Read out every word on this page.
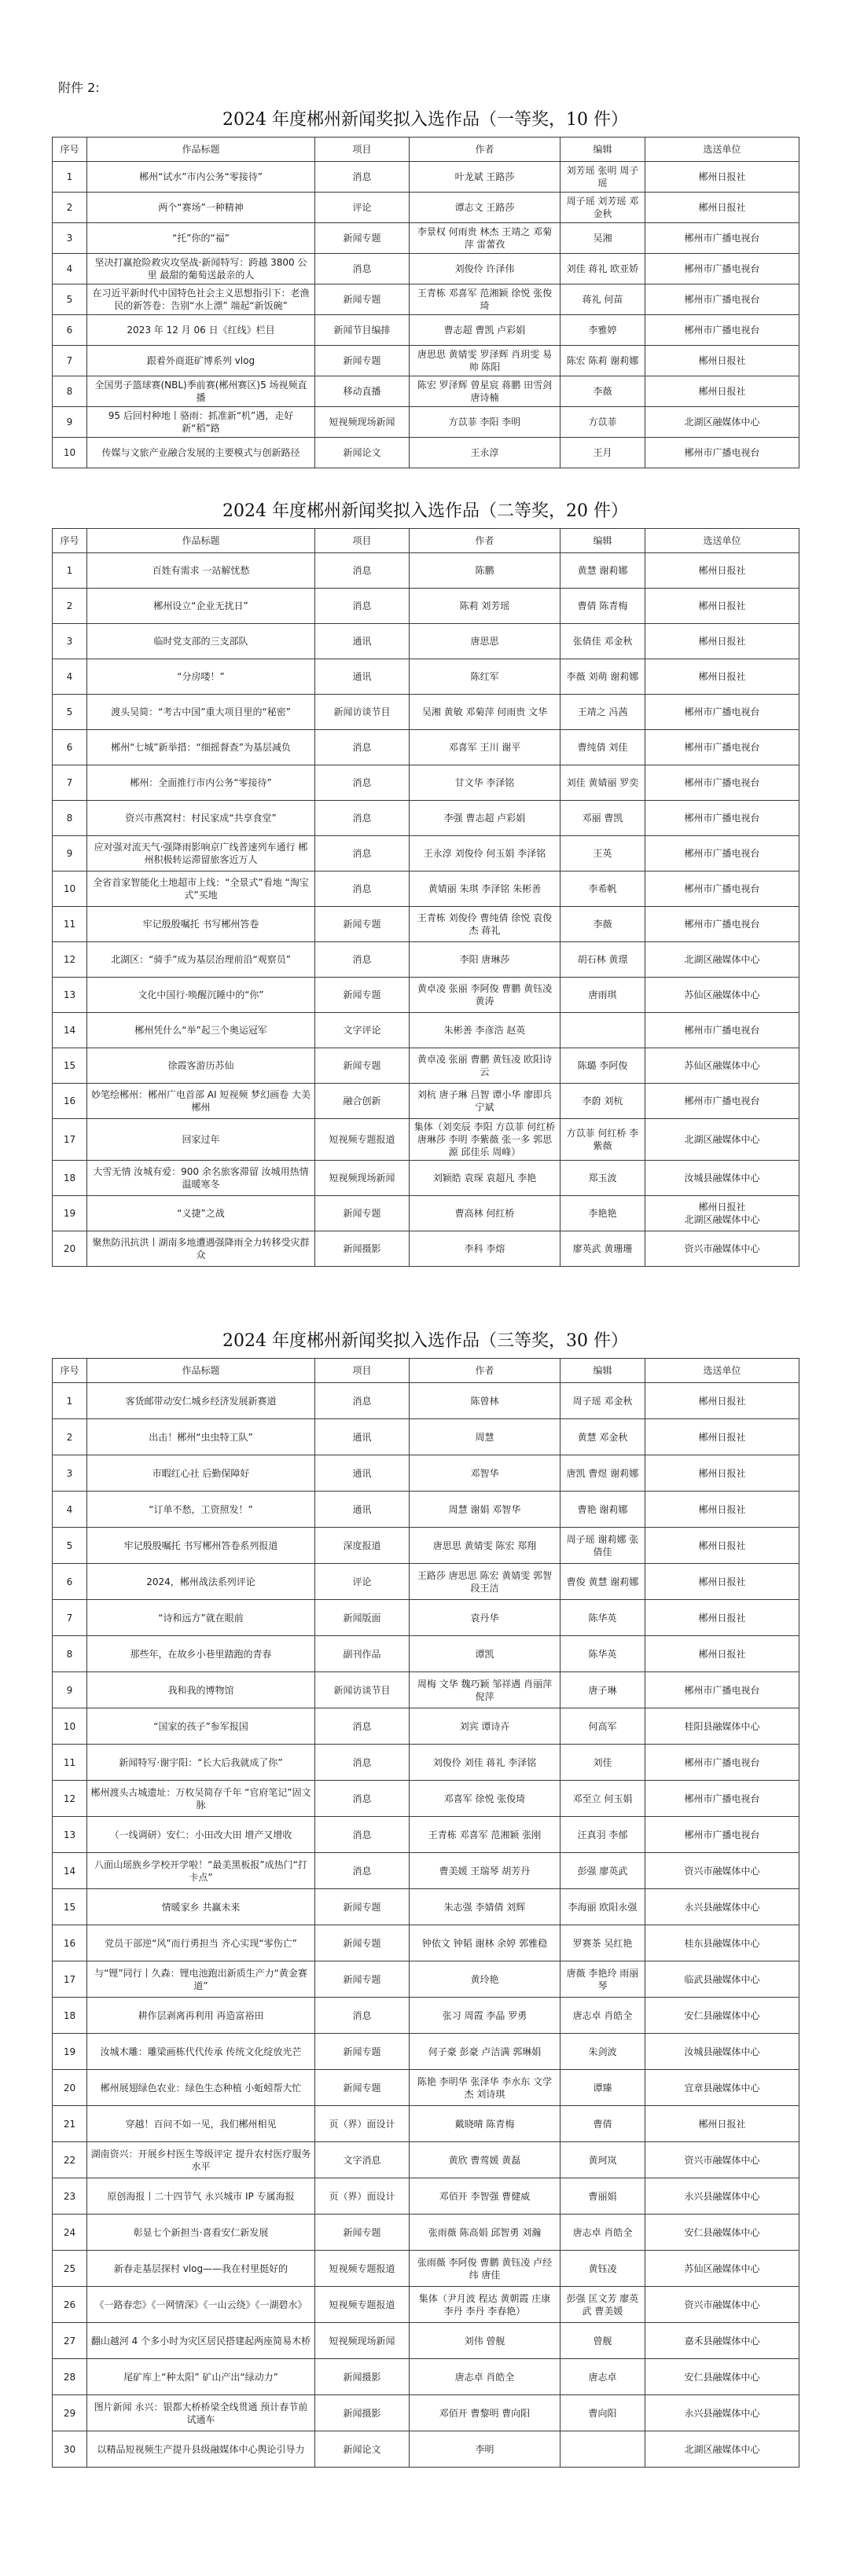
附件 2:
2024 年度郴州新闻奖拟入选作品（一等奖，10 件）
序号	作品标题	项目	作者	编辑	选送单位
1	郴州“试水”市内公务“零接待”	消息	叶龙斌 王路莎	刘芳瑶 张明 周子瑶	郴州日报社
2	两个“赛场”一种精神	评论	谭志文 王路莎	周子瑶 刘芳瑶 邓金秋	郴州日报社
3	“托”你的“福”	新闻专题	李景权 何雨贵 林杰 王靖之 邓菊萍 雷蕾孜	吴湘	郴州市广播电视台
4	坚决打赢抢险救灾攻坚战·新闻特写：跨越 3800 公里 最甜的葡萄送最亲的人	消息	刘俊伶 许泽伟	刘佳 蒋礼 欧亚娇	郴州市广播电视台
5	在习近平新时代中国特色社会主义思想指引下：老渔民的新答卷：告别“水上漂” 端起“新饭碗”	新闻专题	王青栋 邓喜军 范湘颖 徐悦 张俊琦	蒋礼 何苗	郴州市广播电视台
6	2023 年 12 月 06 日《红线》栏目	新闻节目编排	曹志超 曹凯 卢彩娟	李雅婷	郴州市广播电视台
7	跟着外商逛矿博系列 vlog	新闻专题	唐思思 黄婧雯 罗泽辉 肖玥雯 易帅 陈阳	陈宏 陈莉 谢莉娜	郴州日报社
8	全国男子篮球赛(NBL)季前赛(郴州赛区)5 场视频直播	移动直播	陈宏 罗泽辉 曾星宸 蒋鹏 田雪剑 唐诗楠	李薇	郴州日报社
9	95 后回村种地丨骆雨：抓准新“机”遇，走好新“稻”路	短视频现场新闻	方苡菲 李阳 李明	方苡菲	北湖区融媒体中心
10	传媒与文旅产业融合发展的主要模式与创新路径	新闻论文	王永淳	王月	郴州市广播电视台
2024 年度郴州新闻奖拟入选作品（二等奖，20 件）
序号	作品标题	项目	作者	编辑	选送单位
1	百姓有需求 一站解忧愁	消息	陈鹏	黄慧 谢莉娜	郴州日报社
2	郴州设立“企业无扰日”	消息	陈莉 刘芳瑶	曹倩 陈青梅	郴州日报社
3	临时党支部的三支部队	通讯	唐思思	张倩佳 邓金秋	郴州日报社
4	“分房喽！”	通讯	陈红军	李薇 刘萌 谢莉娜	郴州日报社
5	渡头吴简：“考古中国”重大项目里的“秘密”	新闻访谈节目	吴湘 黄敏 邓菊萍 何雨贵 文华	王靖之 冯茜	郴州市广播电视台
6	郴州“七城”新举措：“细摇督查”为基层减负	消息	邓喜军 王川 谢平	曹纯倩 刘佳	郴州市广播电视台
7	郴州：全面推行市内公务“零接待”	消息	甘文华 李泽铭	刘佳 黄婧丽 罗奕	郴州市广播电视台
8	资兴市燕窝村：村民家成“共享食堂”	消息	李强 曹志超 卢彩娟	邓丽 曹凯	郴州市广播电视台
9	应对强对流天气·强降雨影响京广线普速列车通行 郴州积极转运滞留旅客近万人	消息	王永淳 刘俊伶 何玉娟 李泽铭	王英	郴州市广播电视台
10	全省首家智能化土地超市上线：“全景式”看地 “淘宝式”买地	消息	黄婧丽 朱琪 李泽铭 朱彬善	李希帆	郴州市广播电视台
11	牢记殷殷嘱托 书写郴州答卷	新闻专题	王青栋 刘俊伶 曹纯倩 徐悦 袁俊杰 蒋礼	李薇	郴州市广播电视台
12	北湖区：“骑手”成为基层治理前沿“观察员”	消息	李阳 唐琳莎	胡石林 黄璟	北湖区融媒体中心
13	文化中国行·唤醒沉睡中的“你”	新闻专题	黄卓凌 张丽 李阿俊 曹鹏 黄钰凌 黄涛	唐雨琪	苏仙区融媒体中心
14	郴州凭什么“举”起三个奥运冠军	文字评论	朱彬善 李彦浩 赵英		郴州市广播电视台
15	徐霞客游历苏仙	新闻专题	黄卓凌 张丽 曹鹏 黄钰凌 欧阳诗云	陈璐 李阿俊	苏仙区融媒体中心
16	妙笔绘郴州：郴州广电首部 AI 短视频 梦幻画卷 大美郴州	融合创新	刘杭 唐子琳 吕智 谭小华 廖即兵 宁斌	李蔚 刘杭	郴州市广播电视台
17	回家过年	短视频专题报道	集体（刘奕辰 李阳 方苡菲 何红桥 唐琳莎 李明 李紫薇 张一多 郭思源 邱佳乐 周峰）	方苡菲 何红桥 李紫薇	北湖区融媒体中心
18	大雪无情 汝城有爱：900 余名旅客滞留 汝城用热情温暖寒冬	短视频现场新闻	刘颖皓 袁琛 袁超凡 李艳	郑玉波	汝城县融媒体中心
19	“义捷”之战	新闻专题	曹高林 何红桥	李艳艳	郴州日报社
北湖区融媒体中心
20	聚焦防汛抗洪丨湖南多地遭遇强降雨全力转移受灾群众	新闻摄影	李科 李熔	廖英武 黄珊珊	资兴市融媒体中心
2024 年度郴州新闻奖拟入选作品（三等奖，30 件）
序号	作品标题	项目	作者	编辑	选送单位
1	客货邮带动安仁城乡经济发展新赛道	消息	陈曾林	周子瑶 邓金秋	郴州日报社
2	出击！郴州“虫虫特工队”	通讯	周慧	黄慧 邓金秋	郴州日报社
3	市暇红心社 后勤保障好	通讯	邓智华	唐凯 曹煜 谢莉娜	郴州日报社
4	“订单不愁，工资照发！”	通讯	周慧 谢娟 邓智华	曹艳 谢莉娜	郴州日报社
5	牢记殷殷嘱托 书写郴州答卷系列报道	深度报道	唐思思 黄婧雯 陈宏 郑翔	周子瑶 谢莉娜 张倩佳	郴州日报社
6	2024，郴州战法系列评论	评论	王路莎 唐思思 陈宏 黄婧雯 郭智 段王洁	曹俊 黄慧 谢莉娜	郴州日报社
7	“诗和远方”就在眼前	新闻版面	袁丹华	陈华英	郴州日报社
8	那些年，在故乡小巷里踏跑的青春	副刊作品	谭凯	陈华英	郴州日报社
9	我和我的博物馆	新闻访谈节目	周梅 文华 魏巧颖 邹祥遇 肖丽萍 倪萍	唐子琳	郴州市广播电视台
10	“国家的孩子”参军报国	消息	刘宾 谭诗卉	何高军	桂阳县融媒体中心
11	新闻特写·谢宇阳：“长大后我就成了你”	消息	刘俊伶 刘佳 蒋礼 李泽铭	刘佳	郴州市广播电视台
12	郴州渡头古城遗址：万枚吴简存千年 “官府笔记”固文脉	消息	邓喜军 徐悦 张俊琦	邓至立 何玉娟	郴州市广播电视台
13	（一线调研）安仁：小田改大田 增产又增收	消息	王青栋 邓喜军 范湘颖 张刚	汪真羽 李郁	郴州市广播电视台
14	八面山瑶族乡学校开学啦！“最美黑板报”成热门“打卡点”	消息	曹美媛 王瑞琴 胡芳丹	彭强 廖英武	资兴市融媒体中心
15	情暖家乡 共赢未来	新闻专题	朱志强 李婧倩 刘辉	李海丽 欧阳永强	永兴县融媒体中心
16	党员干部逆“风”而行勇担当 齐心实现“零伤亡”	新闻专题	钟依文 钟韬 谢林 余婷 郭雅稳	罗赛茶 吴红艳	桂东县融媒体中心
17	与“锂”同行丨久森：锂电池跑出新质生产力“黄金赛道”	新闻专题	黄玲艳	唐薇 李艳玲 雨丽琴	临武县融媒体中心
18	耕作层剥离再利用 再造富裕田	消息	张习 周霞 李晶 罗勇	唐志卓 肖皓全	安仁县融媒体中心
19	汝城木雕：雕梁画栋代代传承 传统文化绽放光芒	新闻专题	何子豪 彭豪 卢洁满 郭琳娟	朱剑波	汝城县融媒体中心
20	郴州展翅绿色农业：绿色生态种植 小蚯蚓帮大忙	新闻专题	陈艳 李明华 张泽华 李水东 文学杰 刘诗琪	谭臻	宜章县融媒体中心
21	穿越！百问不如一见，我们郴州相见	页（界）面设计	戴晓晴 陈青梅	曹倩	郴州日报社
22	湖南资兴：开展乡村医生等级评定 提升农村医疗服务水平	文字消息	黄欣 曹莺媛 黄磊	黄珂岚	资兴市融媒体中心
23	原创海报丨二十四节气 永兴城市 IP 专属海报	页（界）面设计	邓佰开 李智强 曹健威	曹丽娟	永兴县融媒体中心
24	彰显七个新担当·喜看安仁新发展	新闻专题	张雨薇 陈高娟 邱智勇 刘瀚	唐志卓 肖皓全	安仁县融媒体中心
25	新春走基层探村 vlog——我在村里挺好的	短视频专题报道	张雨薇 李阿俊 曹鹏 黄钰凌 卢经纬 唐佳	黄钰凌	苏仙区融媒体中心
26	《一路春恋》《一网情深》《一山云绕》《一湖碧水》	短视频专题报道	集体（尹月波 程达 黄朝霞 庄康 李丹 李丹 李春艳）	彭强 匡文芳 廖英武 曹美媛	资兴市融媒体中心
27	翻山越河 4 个多小时为灾区居民搭建起两座简易木桥	短视频现场新闻	刘伟 曾舰	曾舰	嘉禾县融媒体中心
28	尾矿库上“种太阳” 矿山产出“绿动力”	新闻摄影	唐志卓 肖皓全	唐志卓	安仁县融媒体中心
29	图片新闻 永兴：银都大桥桥梁全线贯通 预计春节前试通车	新闻摄影	邓佰开 曹黎明 曹向阳	曹向阳	永兴县融媒体中心
30	以精品短视频生产提升县级融媒体中心舆论引导力	新闻论文	李明		北湖区融媒体中心
